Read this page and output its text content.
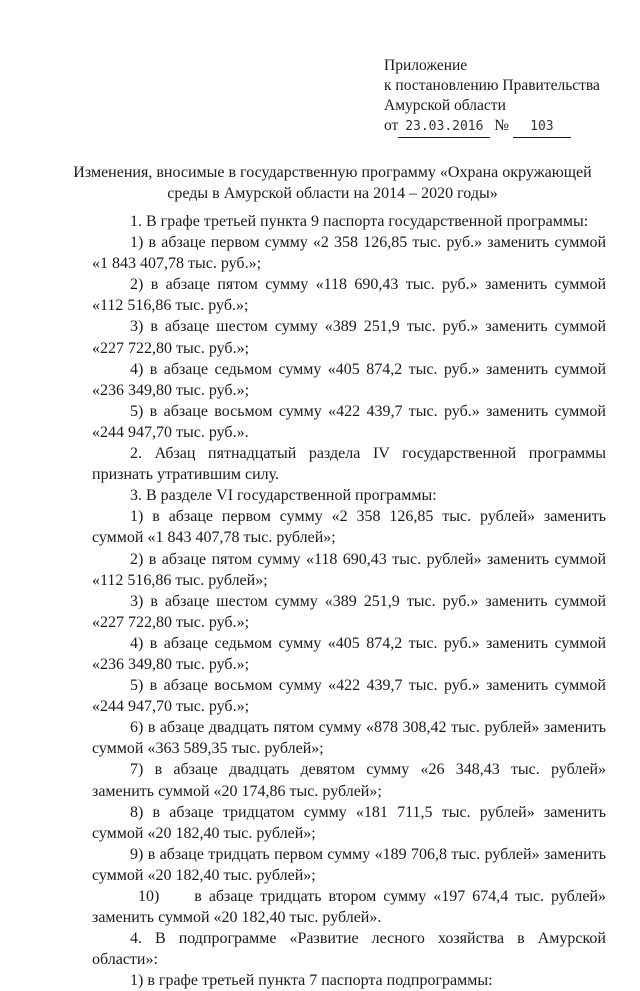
Приложение
к постановлению Правительства
Амурской области
от 23.03.2016 № 103
Изменения, вносимые в государственную программу «Охрана окружающей среды в Амурской области на 2014 – 2020 годы»

1. В графе третьей пункта 9 паспорта государственной программы:

1) в абзаце первом сумму «2 358 126,85 тыс. руб.» заменить суммой «1 843 407,78 тыс. руб.»;

2) в абзаце пятом сумму «118 690,43 тыс. руб.» заменить суммой «112 516,86 тыс. руб.»;

3) в абзаце шестом сумму «389 251,9 тыс. руб.» заменить суммой «227 722,80 тыс. руб.»;

4) в абзаце седьмом сумму «405 874,2 тыс. руб.» заменить суммой «236 349,80 тыс. руб.»;

5) в абзаце восьмом сумму «422 439,7 тыс. руб.» заменить суммой «244 947,70 тыс. руб.».

2. Абзац пятнадцатый раздела IV государственной программы признать утратившим силу.

3. В разделе VI государственной программы:

1) в абзаце первом сумму «2 358 126,85 тыс. рублей» заменить суммой «1 843 407,78 тыс. рублей»;

2) в абзаце пятом сумму «118 690,43 тыс. рублей» заменить суммой «112 516,86 тыс. рублей»;

3) в абзаце шестом сумму «389 251,9 тыс. руб.» заменить суммой «227 722,80 тыс. руб.»;

4) в абзаце седьмом сумму «405 874,2 тыс. руб.» заменить суммой «236 349,80 тыс. руб.»;

5) в абзаце восьмом сумму «422 439,7 тыс. руб.» заменить суммой «244 947,70 тыс. руб.»;

6) в абзаце двадцать пятом сумму «878 308,42 тыс. рублей» заменить суммой «363 589,35 тыс. рублей»;

7) в абзаце двадцать девятом сумму «26 348,43 тыс. рублей» заменить суммой «20 174,86 тыс. рублей»;

8) в абзаце тридцатом сумму «181 711,5 тыс. рублей» заменить суммой «20 182,40 тыс. рублей»;

9) в абзаце тридцать первом сумму «189 706,8 тыс. рублей» заменить суммой «20 182,40 тыс. рублей»;

10)     в абзаце тридцать втором сумму «197 674,4 тыс. рублей» заменить суммой «20 182,40 тыс. рублей».

4. В подпрограмме «Развитие лесного хозяйства в Амурской области»:

1) в графе третьей пункта 7 паспорта подпрограммы:
